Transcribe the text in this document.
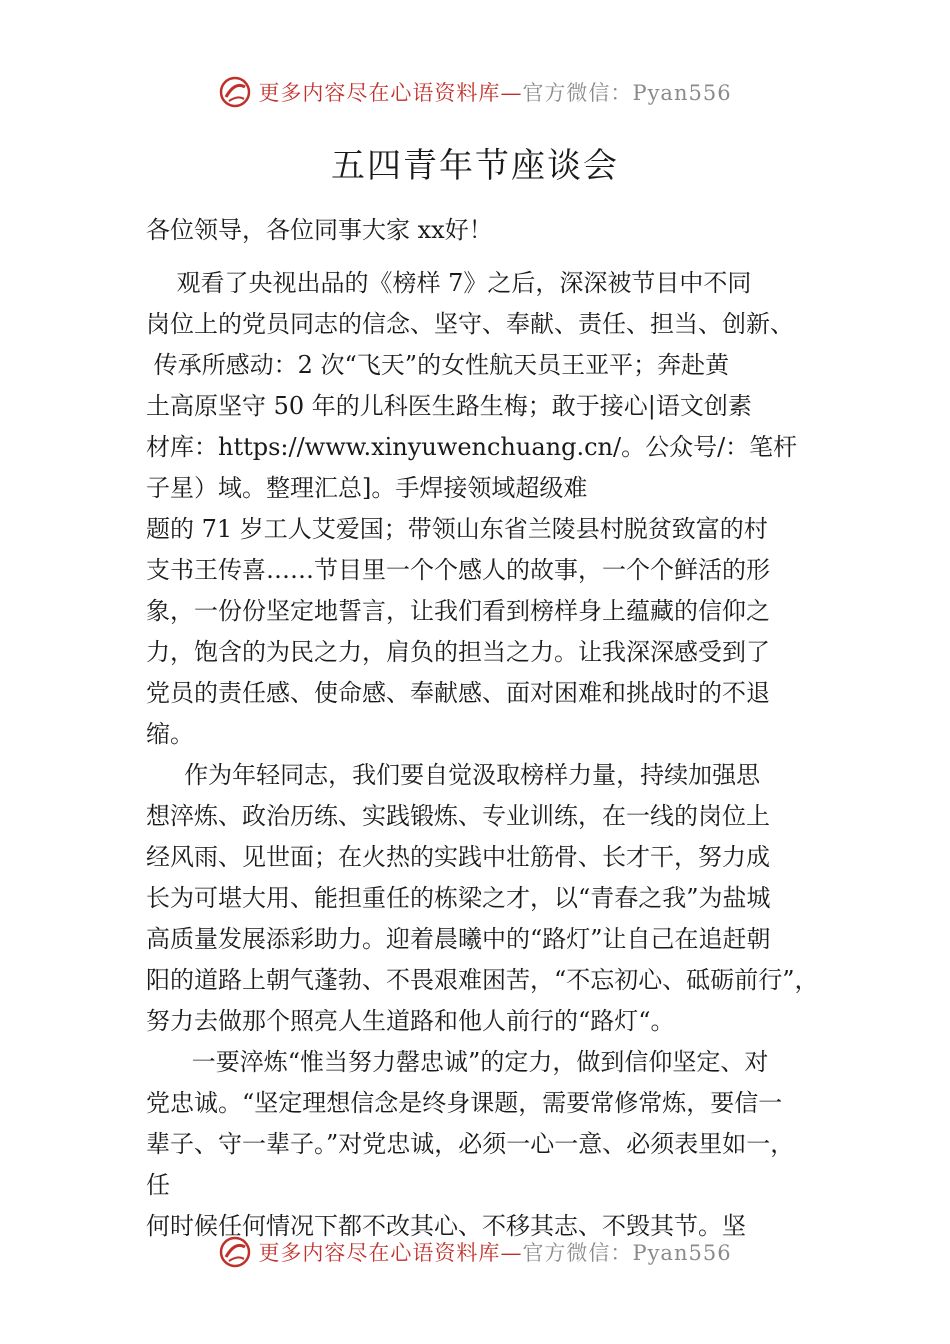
更多内容尽在心语资料库—官方微信：Pyan556
五四青年节座谈会

各位领导，各位同事大家 xx好！

观看了央视出品的《榜样 7》之后，深深被节目中不同

岗位上的党员同志的信念、坚守、奉献、责任、担当、创新、

传承所感动：2 次“飞天”的女性航天员王亚平；奔赴黄

土高原坚守 50 年的儿科医生路生梅；敢于接心|语文创素

材库：https://www.xinyuwenchuang.cn/。公众号/：笔杆

子星）域。整理汇总]。手焊接领域超级难

题的 71 岁工人艾爱国；带领山东省兰陵县村脱贫致富的村

支书王传喜……节目里一个个感人的故事，一个个鲜活的形

象，一份份坚定地誓言，让我们看到榜样身上蕴藏的信仰之

力，饱含的为民之力，肩负的担当之力。让我深深感受到了

党员的责任感、使命感、奉献感、面对困难和挑战时的不退

缩。

作为年轻同志，我们要自觉汲取榜样力量，持续加强思

想淬炼、政治历练、实践锻炼、专业训练，在一线的岗位上

经风雨、见世面；在火热的实践中壮筋骨、长才干，努力成

长为可堪大用、能担重任的栋梁之才，以“青春之我”为盐城

高质量发展添彩助力。迎着晨曦中的“路灯”让自己在追赶朝

阳的道路上朝气蓬勃、不畏艰难困苦，“不忘初心、砥砺前行”，

努力去做那个照亮人生道路和他人前行的“路灯“。

一要淬炼“惟当努力罄忠诚”的定力，做到信仰坚定、对

党忠诚。“坚定理想信念是终身课题，需要常修常炼，要信一

辈子、守一辈子。”对党忠诚，必须一心一意、必须表里如一，  任

何时候任何情况下都不改其心、不移其志、不毁其节。坚

更多内容尽在心语资料库—官方微信：Pyan556
